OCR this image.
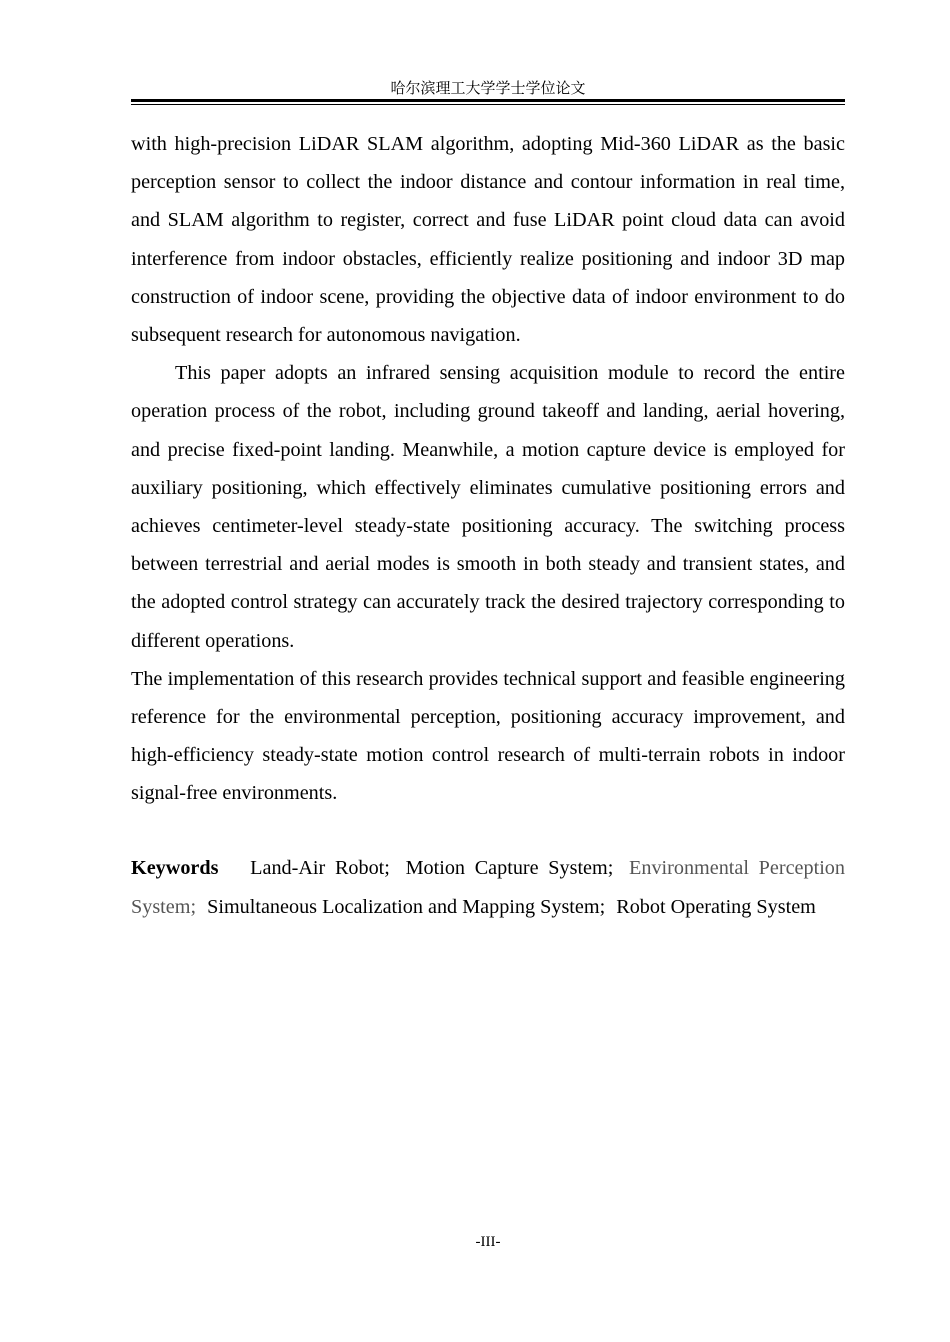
哈尔滨理工大学学士学位论文

with high-precision LiDAR SLAM algorithm, adopting Mid-360 LiDAR as the basic perception sensor to collect the indoor distance and contour information in real time, and SLAM algorithm to register, correct and fuse LiDAR point cloud data can avoid interference from indoor obstacles, efficiently realize positioning and indoor 3D map construction of indoor scene, providing the objective data of indoor environment to do subsequent research for autonomous navigation.

This paper adopts an infrared sensing acquisition module to record the entire operation process of the robot, including ground takeoff and landing, aerial hovering, and precise fixed-point landing. Meanwhile, a motion capture device is employed for auxiliary positioning, which effectively eliminates cumulative positioning errors and achieves centimeter-level steady-state positioning accuracy. The switching process between terrestrial and aerial modes is smooth in both steady and transient states, and the adopted control strategy can accurately track the desired trajectory corresponding to different operations.

The implementation of this research provides technical support and feasible engineering reference for the environmental perception, positioning accuracy improvement, and high-efficiency steady-state motion control research of multi-terrain robots in indoor signal-free environments.

Keywords Land-Air Robot; Motion Capture System; Environmental Perception System; Simultaneous Localization and Mapping System; Robot Operating System
-III-
